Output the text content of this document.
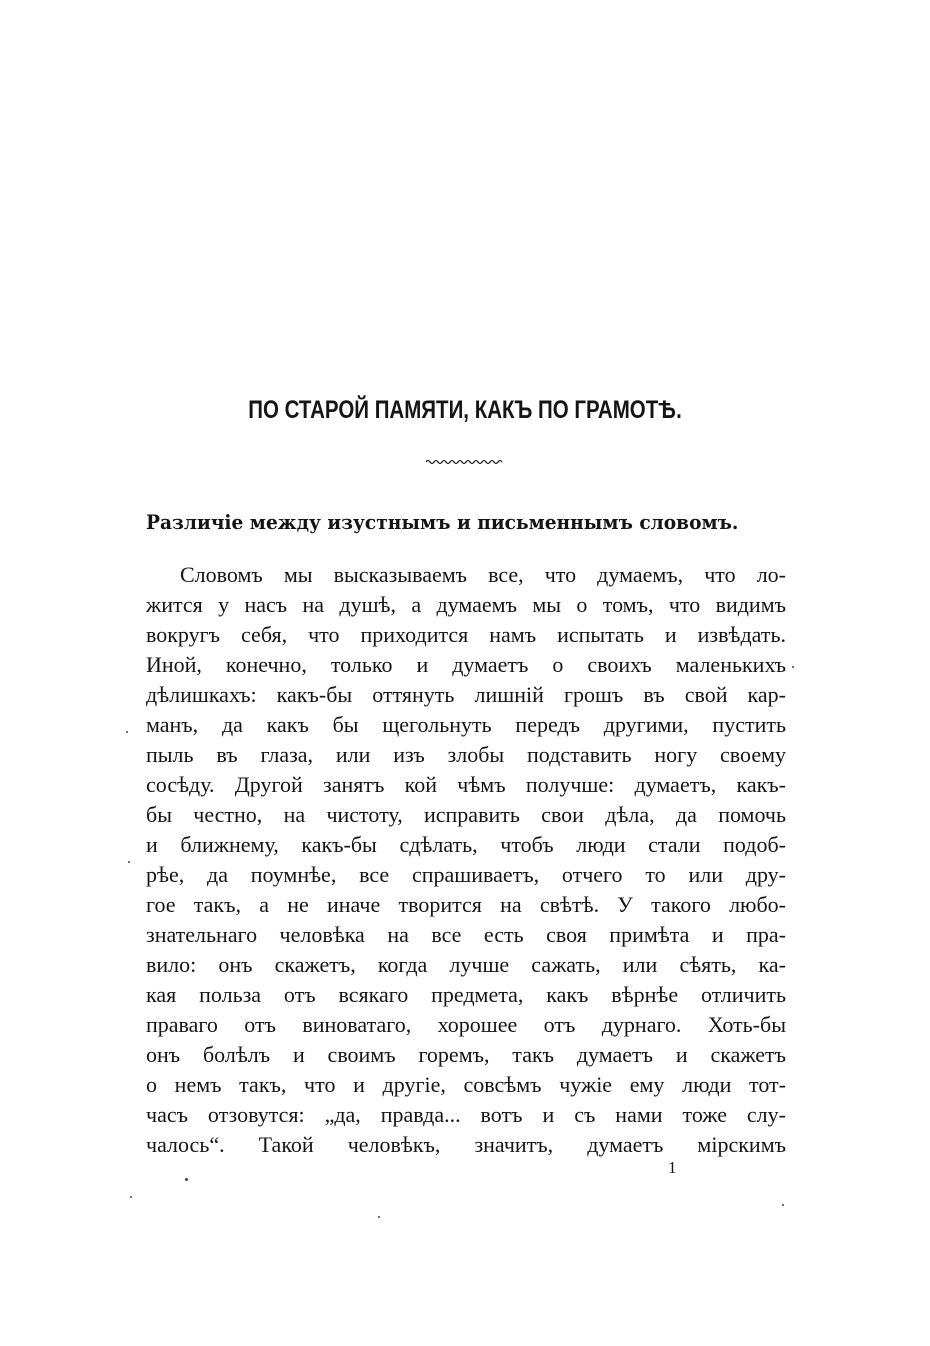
ПО СТАРОЙ ПАМЯТИ, КАКЪ ПО ГРАМОТѢ.
Различіе между изустнымъ и письменнымъ словомъ.
Словомъ мы высказываемъ все, что думаемъ, что ло-
жится у насъ на душѣ, а думаемъ мы о томъ, что видимъ
вокругъ себя, что приходится намъ испытать и извѣдать.
Иной, конечно, только и думаетъ о своихъ маленькихъ
дѣлишкахъ: какъ-бы оттянуть лишній грошъ въ свой кар-
манъ, да какъ бы щегольнуть передъ другими, пустить
пыль въ глаза, или изъ злобы подставить ногу своему
сосѣду. Другой занятъ кой чѣмъ получше: думаетъ, какъ-
бы честно, на чистоту, исправить свои дѣла, да помочь
и ближнему, какъ-бы сдѣлать, чтобъ люди стали подоб-
рѣе, да поумнѣе, все спрашиваетъ, отчего то или дру-
гое такъ, а не иначе творится на свѣтѣ. У такого любо-
знательнаго человѣка на все есть своя примѣта и пра-
вило: онъ скажетъ, когда лучше сажать, или сѣять, ка-
кая польза отъ всякаго предмета, какъ вѣрнѣе отличить
праваго отъ виноватаго, хорошее отъ дурнаго. Хоть-бы
онъ болѣлъ и своимъ горемъ, такъ думаетъ и скажетъ
о немъ такъ, что и другіе, совсѣмъ чужіе ему люди тот-
часъ отзовутся: „да, правда... вотъ и съ нами тоже слу-
чалось“. Такой человѣкъ, значитъ, думаетъ мірскимъ
1
